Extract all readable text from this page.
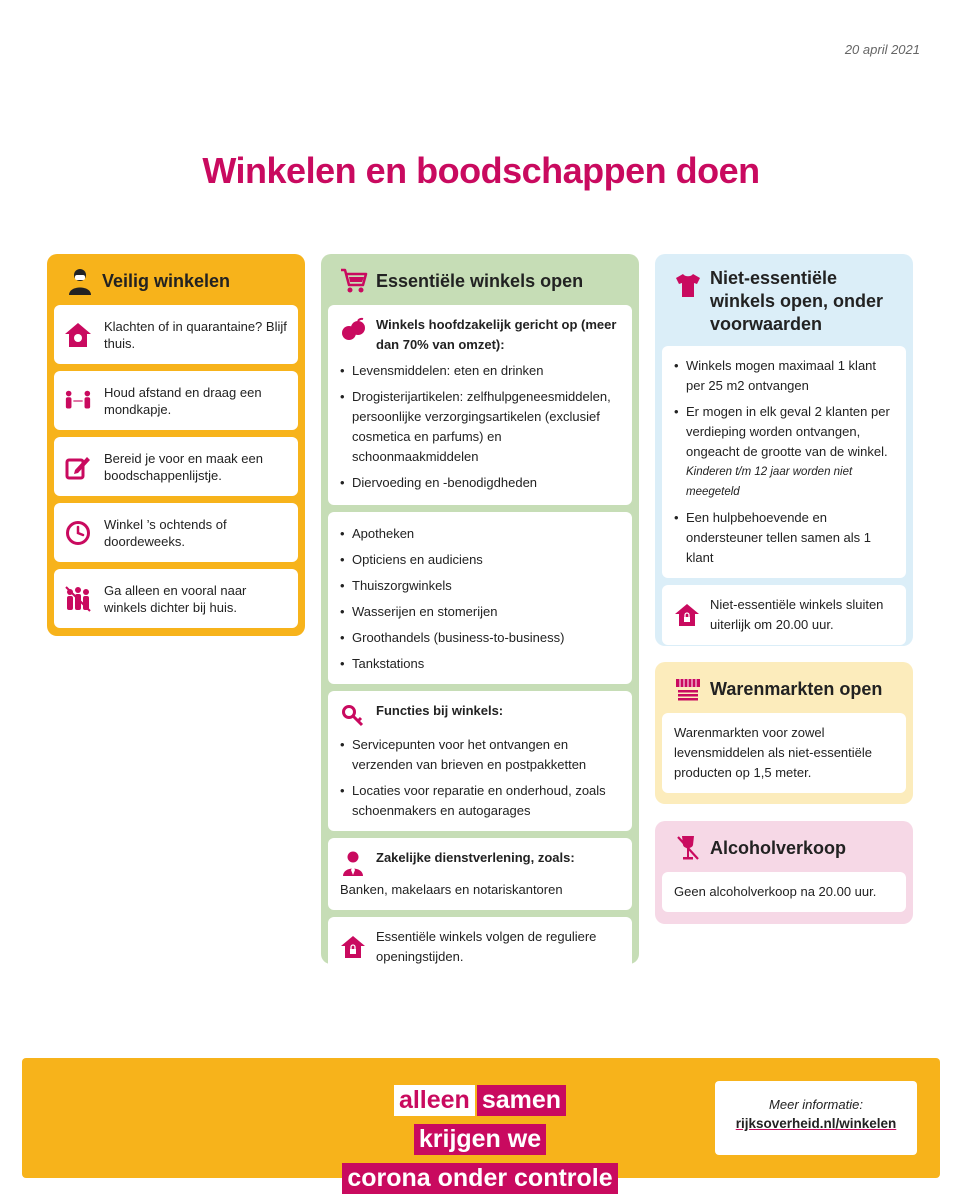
20 april 2021
Winkelen en boodschappen doen
Veilig winkelen
Klachten of in quarantaine? Blijf thuis.
Houd afstand en draag een mondkapje.
Bereid je voor en maak een boodschappenlijstje.
Winkel ’s ochtends of doordeweeks.
Ga alleen en vooral naar winkels dichter bij huis.
Essentiële winkels open
Winkels hoofdzakelijk gericht op (meer dan 70% van omzet):
• Levensmiddelen: eten en drinken
• Drogisterijartikelen: zelfhulpgeneesmiddelen, persoonlijke verzorgingsartikelen (exclusief cosmetica en parfums) en schoonmaakmiddelen
• Diervoeding en -benodigdheden
• Apotheken
• Opticiens en audiciens
• Thuiszorgwinkels
• Wasserijen en stomerijen
• Groothandels (business-to-business)
• Tankstations
Functies bij winkels:
• Servicepunten voor het ontvangen en verzenden van brieven en postpakketten
• Locaties voor reparatie en onderhoud, zoals schoenmakers en autogarages
Zakelijke dienstverlening, zoals:
Banken, makelaars en notariskantoren
Essentiële winkels volgen de reguliere openingstijden.
Niet-essentiële winkels open, onder voorwaarden
• Winkels mogen maximaal 1 klant per 25 m2 ontvangen
• Er mogen in elk geval 2 klanten per verdieping worden ontvangen, ongeacht de grootte van de winkel.
Kinderen t/m 12 jaar worden niet meegeteld
• Een hulpbehoevende en ondersteuner tellen samen als 1 klant
Niet-essentiële winkels sluiten uiterlijk om 20.00 uur.
Warenmarkten open
Warenmarkten voor zowel levensmiddelen als niet-essentiële producten op 1,5 meter.
Alcoholverkoop
Geen alcoholverkoop na 20.00 uur.
alleen samenkrijgen we
corona onder controle
Meer informatie:
rijksoverheid.nl/winkelen
